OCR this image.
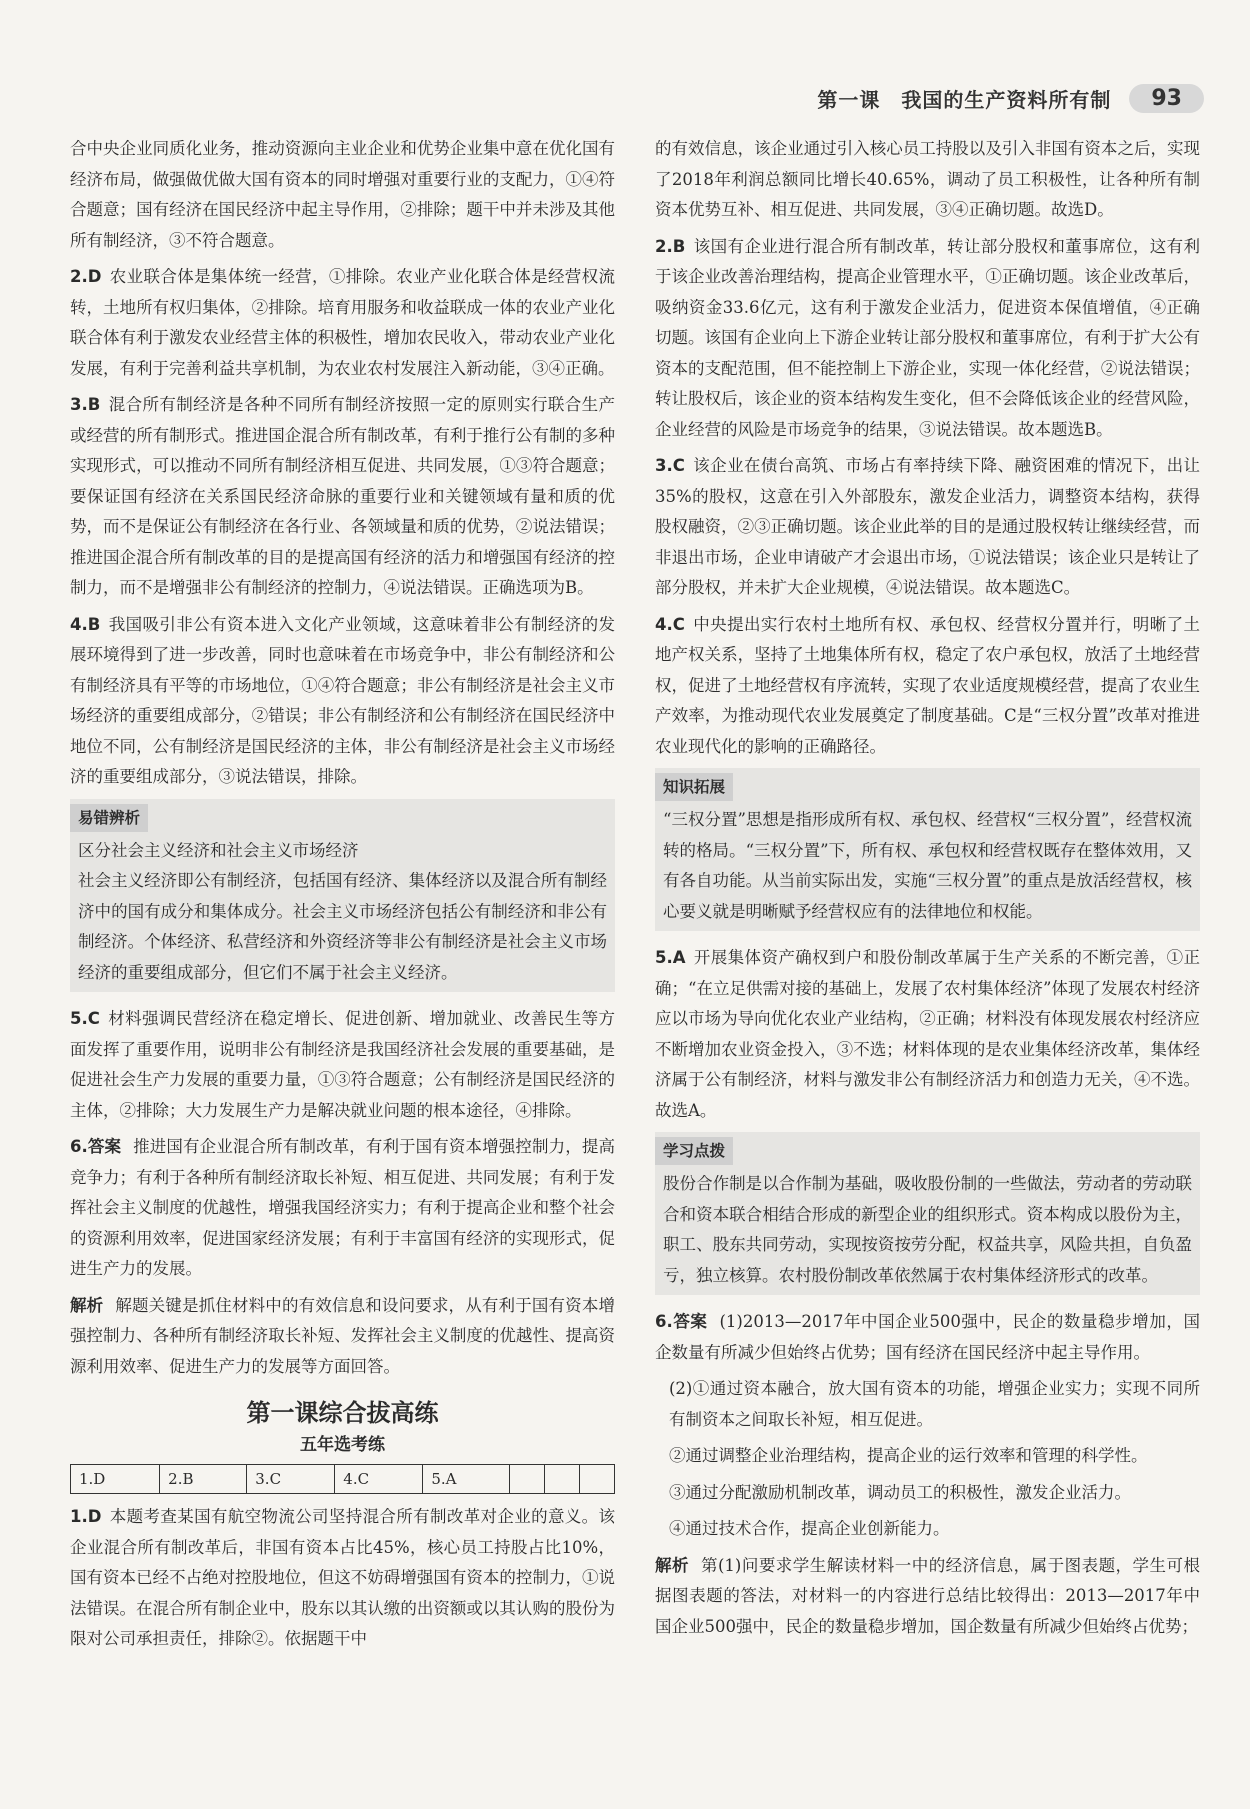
第一课　我国的生产资料所有制	93

合中央企业同质化业务，推动资源向主业企业和优势企业集中意在优化国有经济布局，做强做优做大国有资本的同时增强对重要行业的支配力，①④符合题意；国有经济在国民经济中起主导作用，②排除；题干中并未涉及其他所有制经济，③不符合题意。

2.D 农业联合体是集体统一经营，①排除。农业产业化联合体是经营权流转，土地所有权归集体，②排除。培育用服务和收益联成一体的农业产业化联合体有利于激发农业经营主体的积极性，增加农民收入，带动农业产业化发展，有利于完善利益共享机制，为农业农村发展注入新动能，③④正确。

3.B 混合所有制经济是各种不同所有制经济按照一定的原则实行联合生产或经营的所有制形式。推进国企混合所有制改革，有利于推行公有制的多种实现形式，可以推动不同所有制经济相互促进、共同发展，①③符合题意；要保证国有经济在关系国民经济命脉的重要行业和关键领域有量和质的优势，而不是保证公有制经济在各行业、各领域量和质的优势，②说法错误；推进国企混合所有制改革的目的是提高国有经济的活力和增强国有经济的控制力，而不是增强非公有制经济的控制力，④说法错误。正确选项为B。

4.B 我国吸引非公有资本进入文化产业领域，这意味着非公有制经济的发展环境得到了进一步改善，同时也意味着在市场竞争中，非公有制经济和公有制经济具有平等的市场地位，①④符合题意；非公有制经济是社会主义市场经济的重要组成部分，②错误；非公有制经济和公有制经济在国民经济中地位不同，公有制经济是国民经济的主体，非公有制经济是社会主义市场经济的重要组成部分，③说法错误，排除。

易错辨析

区分社会主义经济和社会主义市场经济

社会主义经济即公有制经济，包括国有经济、集体经济以及混合所有制经济中的国有成分和集体成分。社会主义市场经济包括公有制经济和非公有制经济。个体经济、私营经济和外资经济等非公有制经济是社会主义市场经济的重要组成部分，但它们不属于社会主义经济。

5.C 材料强调民营经济在稳定增长、促进创新、增加就业、改善民生等方面发挥了重要作用，说明非公有制经济是我国经济社会发展的重要基础，是促进社会生产力发展的重要力量，①③符合题意；公有制经济是国民经济的主体，②排除；大力发展生产力是解决就业问题的根本途径，④排除。

6.答案 推进国有企业混合所有制改革，有利于国有资本增强控制力，提高竞争力；有利于各种所有制经济取长补短、相互促进、共同发展；有利于发挥社会主义制度的优越性，增强我国经济实力；有利于提高企业和整个社会的资源利用效率，促进国家经济发展；有利于丰富国有经济的实现形式，促进生产力的发展。

解析 解题关键是抓住材料中的有效信息和设问要求，从有利于国有资本增强控制力、各种所有制经济取长补短、发挥社会主义制度的优越性、提高资源利用效率、促进生产力的发展等方面回答。

第一课综合拔高练
五年选考练
1.D	2.B	3.C	4.C	5.A			

1.D 本题考查某国有航空物流公司坚持混合所有制改革对企业的意义。该企业混合所有制改革后，非国有资本占比45%，核心员工持股占比10%，国有资本已经不占绝对控股地位，但这不妨碍增强国有资本的控制力，①说法错误。在混合所有制企业中，股东以其认缴的出资额或以其认购的股份为限对公司承担责任，排除②。依据题干中

的有效信息，该企业通过引入核心员工持股以及引入非国有资本之后，实现了2018年利润总额同比增长40.65%，调动了员工积极性，让各种所有制资本优势互补、相互促进、共同发展，③④正确切题。故选D。

2.B 该国有企业进行混合所有制改革，转让部分股权和董事席位，这有利于该企业改善治理结构，提高企业管理水平，①正确切题。该企业改革后，吸纳资金33.6亿元，这有利于激发企业活力，促进资本保值增值，④正确切题。该国有企业向上下游企业转让部分股权和董事席位，有利于扩大公有资本的支配范围，但不能控制上下游企业，实现一体化经营，②说法错误；转让股权后，该企业的资本结构发生变化，但不会降低该企业的经营风险，企业经营的风险是市场竞争的结果，③说法错误。故本题选B。

3.C 该企业在债台高筑、市场占有率持续下降、融资困难的情况下，出让35%的股权，这意在引入外部股东，激发企业活力，调整资本结构，获得股权融资，②③正确切题。该企业此举的目的是通过股权转让继续经营，而非退出市场，企业申请破产才会退出市场，①说法错误；该企业只是转让了部分股权，并未扩大企业规模，④说法错误。故本题选C。

4.C 中央提出实行农村土地所有权、承包权、经营权分置并行，明晰了土地产权关系，坚持了土地集体所有权，稳定了农户承包权，放活了土地经营权，促进了土地经营权有序流转，实现了农业适度规模经营，提高了农业生产效率，为推动现代农业发展奠定了制度基础。C是“三权分置”改革对推进农业现代化的影响的正确路径。

知识拓展

“三权分置”思想是指形成所有权、承包权、经营权“三权分置”，经营权流转的格局。“三权分置”下，所有权、承包权和经营权既存在整体效用，又有各自功能。从当前实际出发，实施“三权分置”的重点是放活经营权，核心要义就是明晰赋予经营权应有的法律地位和权能。

5.A 开展集体资产确权到户和股份制改革属于生产关系的不断完善，①正确；“在立足供需对接的基础上，发展了农村集体经济”体现了发展农村经济应以市场为导向优化农业产业结构，②正确；材料没有体现发展农村经济应不断增加农业资金投入，③不选；材料体现的是农业集体经济改革，集体经济属于公有制经济，材料与激发非公有制经济活力和创造力无关，④不选。故选A。

学习点拨

股份合作制是以合作制为基础，吸收股份制的一些做法，劳动者的劳动联合和资本联合相结合形成的新型企业的组织形式。资本构成以股份为主，职工、股东共同劳动，实现按资按劳分配，权益共享，风险共担，自负盈亏，独立核算。农村股份制改革依然属于农村集体经济形式的改革。

6.答案 (1)2013—2017年中国企业500强中，民企的数量稳步增加，国企数量有所减少但始终占优势；国有经济在国民经济中起主导作用。

(2)①通过资本融合，放大国有资本的功能，增强企业实力；实现不同所有制资本之间取长补短，相互促进。

②通过调整企业治理结构，提高企业的运行效率和管理的科学性。

③通过分配激励机制改革，调动员工的积极性，激发企业活力。

④通过技术合作，提高企业创新能力。

解析 第(1)问要求学生解读材料一中的经济信息，属于图表题，学生可根据图表题的答法，对材料一的内容进行总结比较得出：2013—2017年中国企业500强中，民企的数量稳步增加，国企数量有所减少但始终占优势；
